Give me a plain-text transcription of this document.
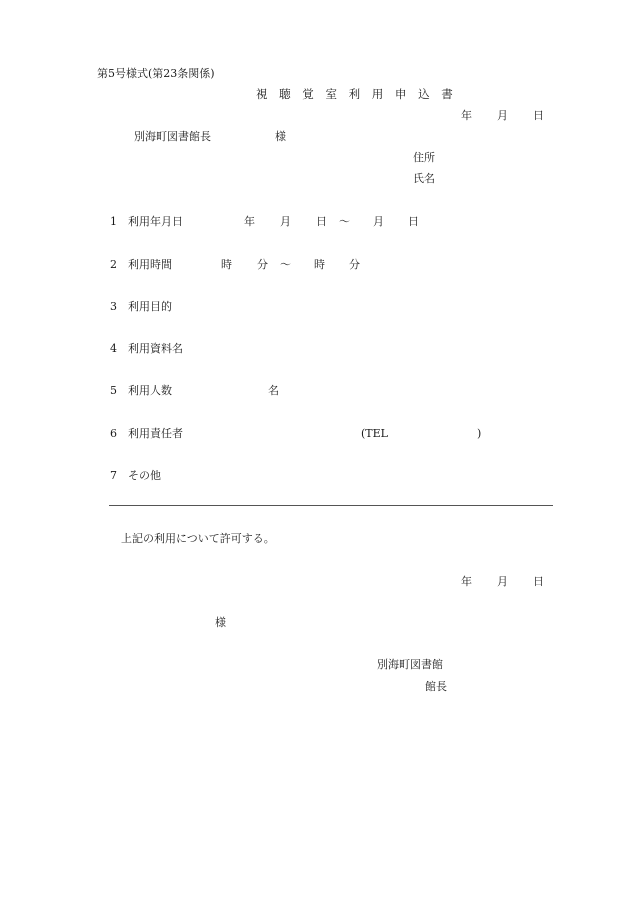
第5号様式(第23条関係)
視 聴 覚 室 利 用 申 込 書
年 月 日
別海町図書館長	様
住所
氏名
1 利用年月日	年 月 日 〜 月 日
2 利用時間	時 分 〜 時 分
3 利用目的
4 利用資料名
5 利用人数	名
6 利用責任者	(TEL	)
7 その他
上記の利用について許可する。
年 月 日
様
別海町図書館
館長
